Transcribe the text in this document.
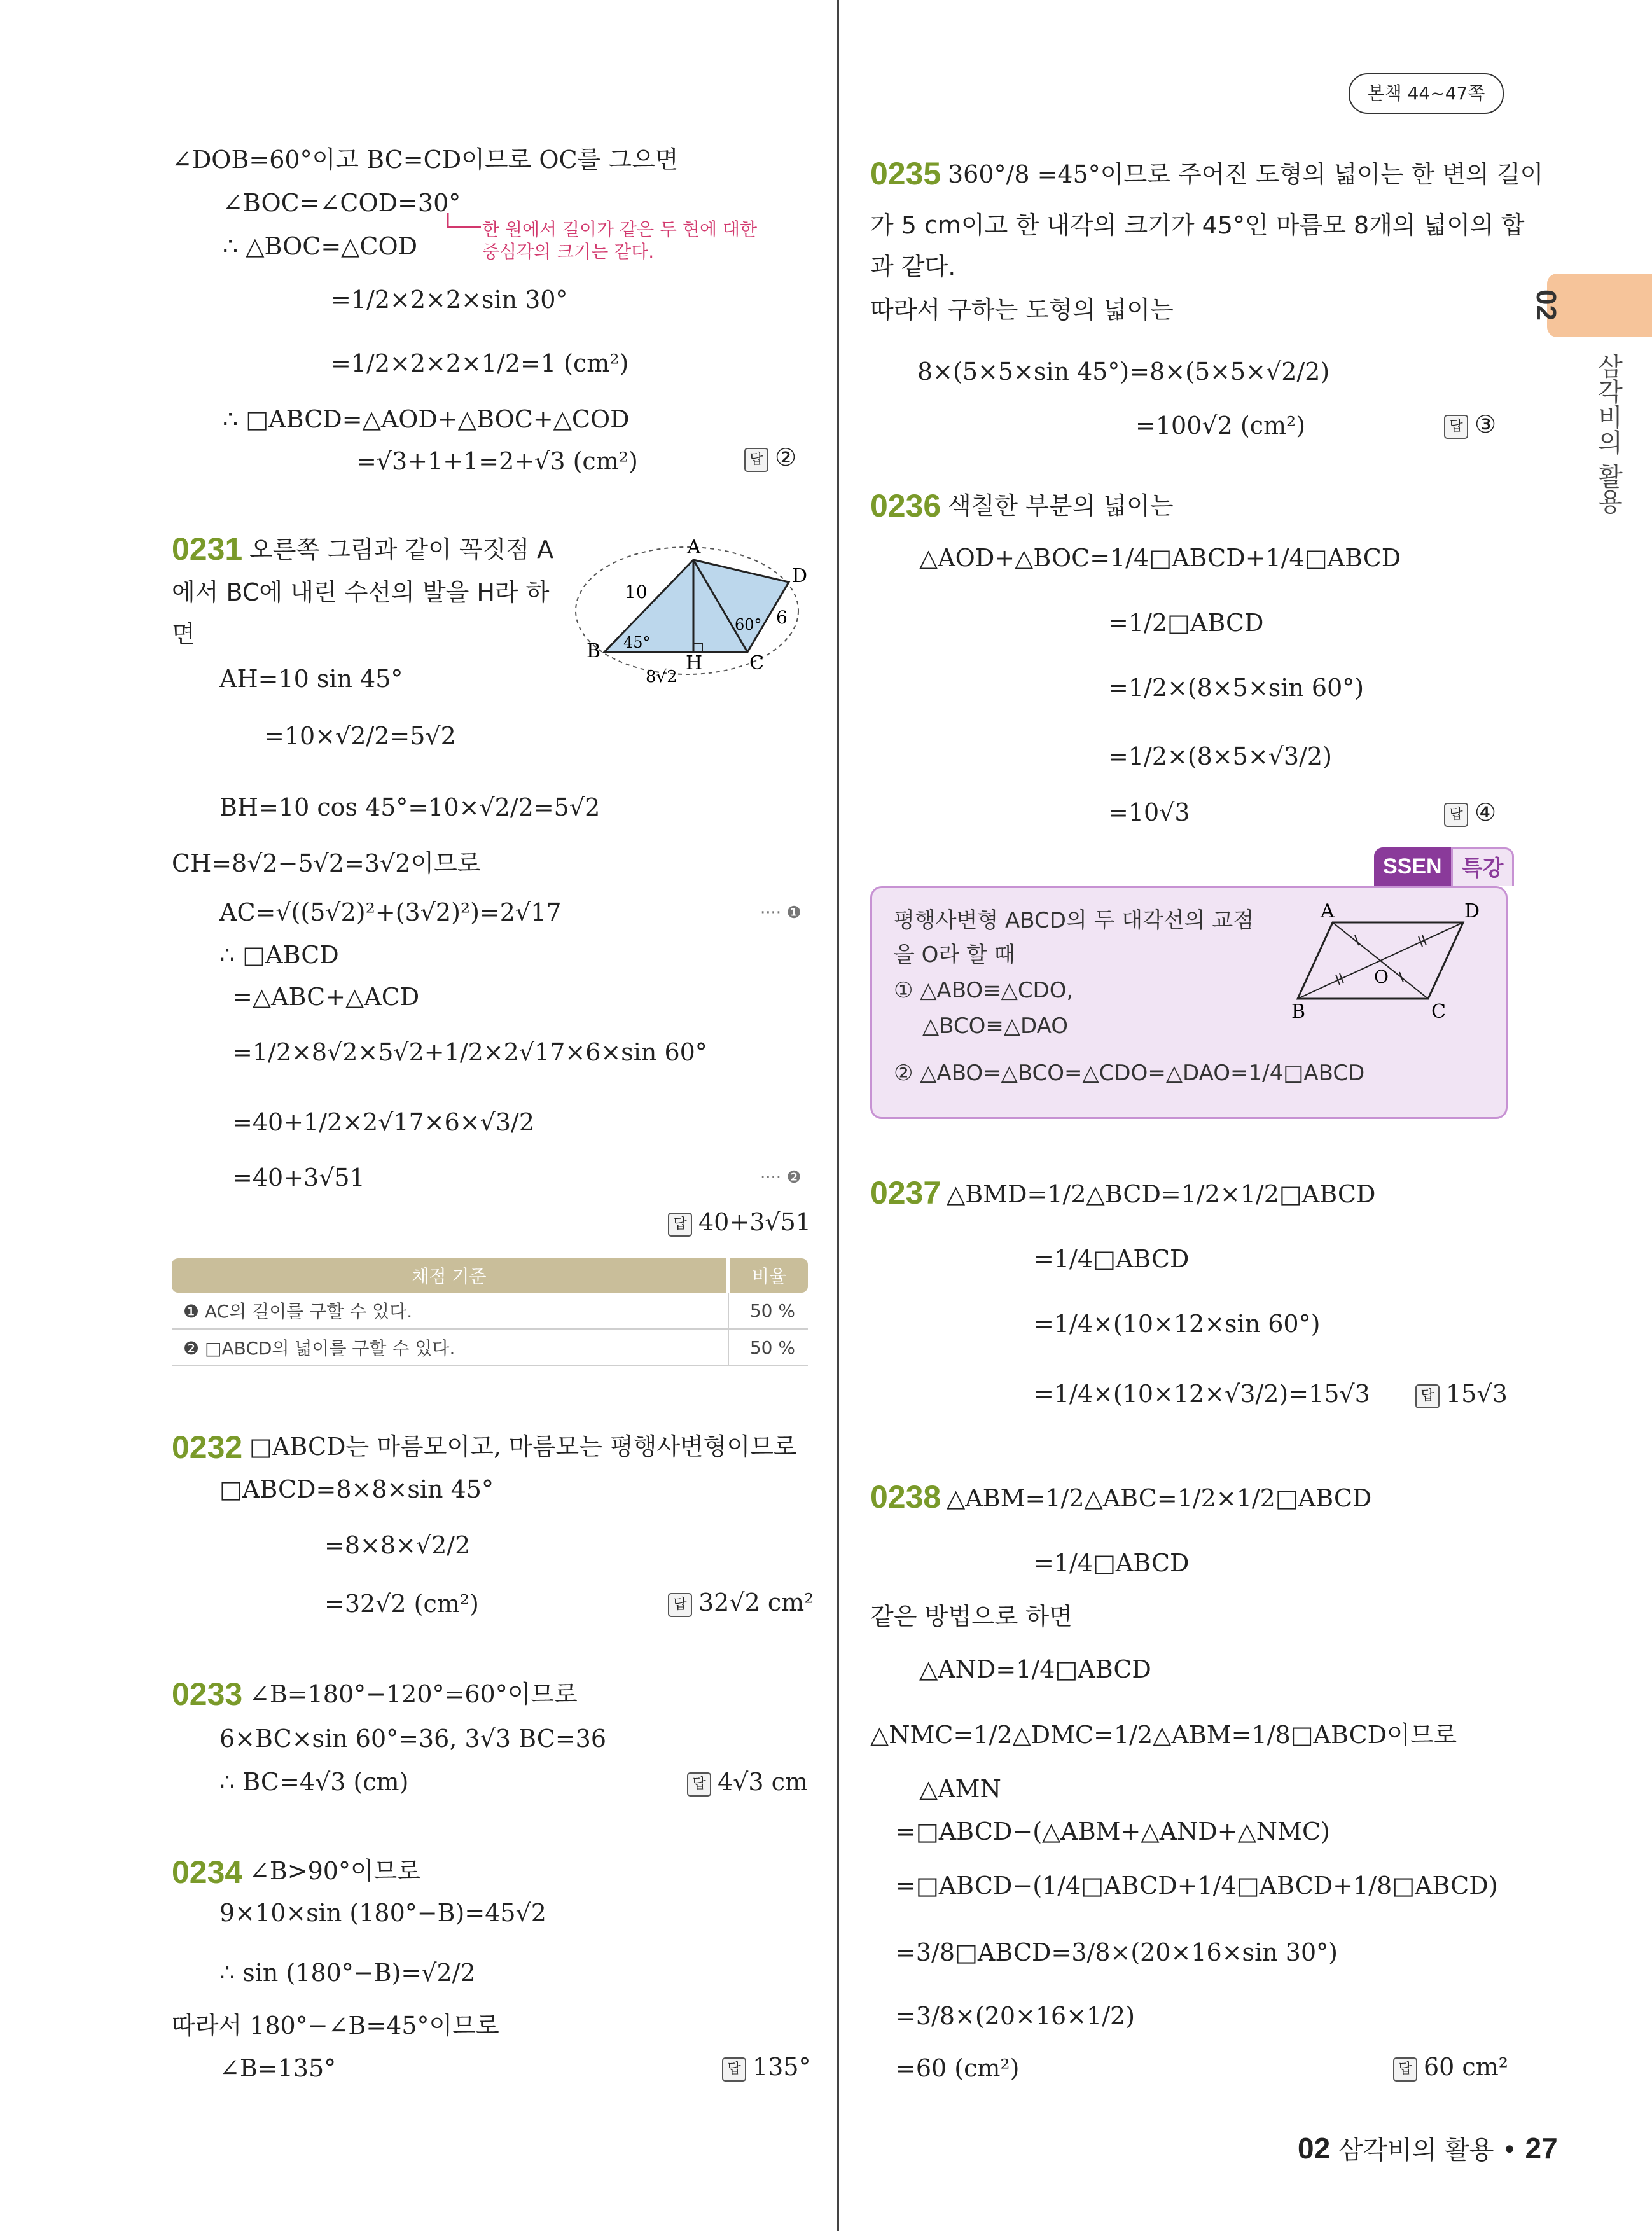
본책 44~47쪽
02
삼각비의 활용
∠DOB=60°이고 BC=CD이므로 OC를 그으면
∠BOC=∠COD=30°
한 원에서 길이가 같은 두 현에 대한
중심각의 크기는 같다.
∴ △BOC=△COD
=1/2×2×2×sin 30°
=1/2×2×2×1/2=1 (cm²)
∴ □ABCD=△AOD+△BOC+△COD
=√3+1+1=2+√3 (cm²)	답 ②
0231 오른쪽 그림과 같이 꼭짓점 A
에서 BC에 내린 수선의 발을 H라 하
면
A
D
B
C
H
10
6
45°
60°
8√2
AH=10 sin 45°
=10×√2/2=5√2
BH=10 cos 45°=10×√2/2=5√2
CH=8√2−5√2=3√2이므로
AC=√((5√2)²+(3√2)²)=2√17	···· ❶
∴ □ABCD
=△ABC+△ACD
=1/2×8√2×5√2+1/2×2√17×6×sin 60°
=40+1/2×2√17×6×√3/2
=40+3√51	···· ❷
답 40+3√51
채점 기준	비율
❶ AC의 길이를 구할 수 있다.	50 %
❷ □ABCD의 넓이를 구할 수 있다.	50 %
0232 □ABCD는 마름모이고, 마름모는 평행사변형이므로
□ABCD=8×8×sin 45°
=8×8×√2/2
=32√2 (cm²)	답 32√2 cm²
0233 ∠B=180°−120°=60°이므로
6×BC×sin 60°=36, 3√3 BC=36
∴ BC=4√3 (cm)	답 4√3 cm
0234 ∠B>90°이므로
9×10×sin (180°−B)=45√2
∴ sin (180°−B)=√2/2
따라서 180°−∠B=45°이므로
∠B=135°	답 135°
0235 360°/8 =45°이므로 주어진 도형의 넓이는 한 변의 길이
가 5 cm이고 한 내각의 크기가 45°인 마름모 8개의 넓이의 합
과 같다.
따라서 구하는 도형의 넓이는
8×(5×5×sin 45°)=8×(5×5×√2/2)
=100√2 (cm²)	답 ③
0236 색칠한 부분의 넓이는
△AOD+△BOC=1/4□ABCD+1/4□ABCD
=1/2□ABCD
=1/2×(8×5×sin 60°)
=1/2×(8×5×√3/2)
=10√3	답 ④
SSEN 특강
평행사변형 ABCD의 두 대각선의 교점
을 O라 할 때
① △ABO≡△CDO,
△BCO≡△DAO
② △ABO=△BCO=△CDO=△DAO=1/4□ABCD
A	D
B	C
O
0237 △BMD=1/2△BCD=1/2×1/2□ABCD
=1/4□ABCD
=1/4×(10×12×sin 60°)
=1/4×(10×12×√3/2)=15√3	답 15√3
0238 △ABM=1/2△ABC=1/2×1/2□ABCD
=1/4□ABCD
같은 방법으로 하면
△AND=1/4□ABCD
△NMC=1/2△DMC=1/2△ABM=1/8□ABCD이므로
△AMN
=□ABCD−(△ABM+△AND+△NMC)
=□ABCD−(1/4□ABCD+1/4□ABCD+1/8□ABCD)
=3/8□ABCD=3/8×(20×16×sin 30°)
=3/8×(20×16×1/2)
=60 (cm²)	답 60 cm²
02 삼각비의 활용 • 27
